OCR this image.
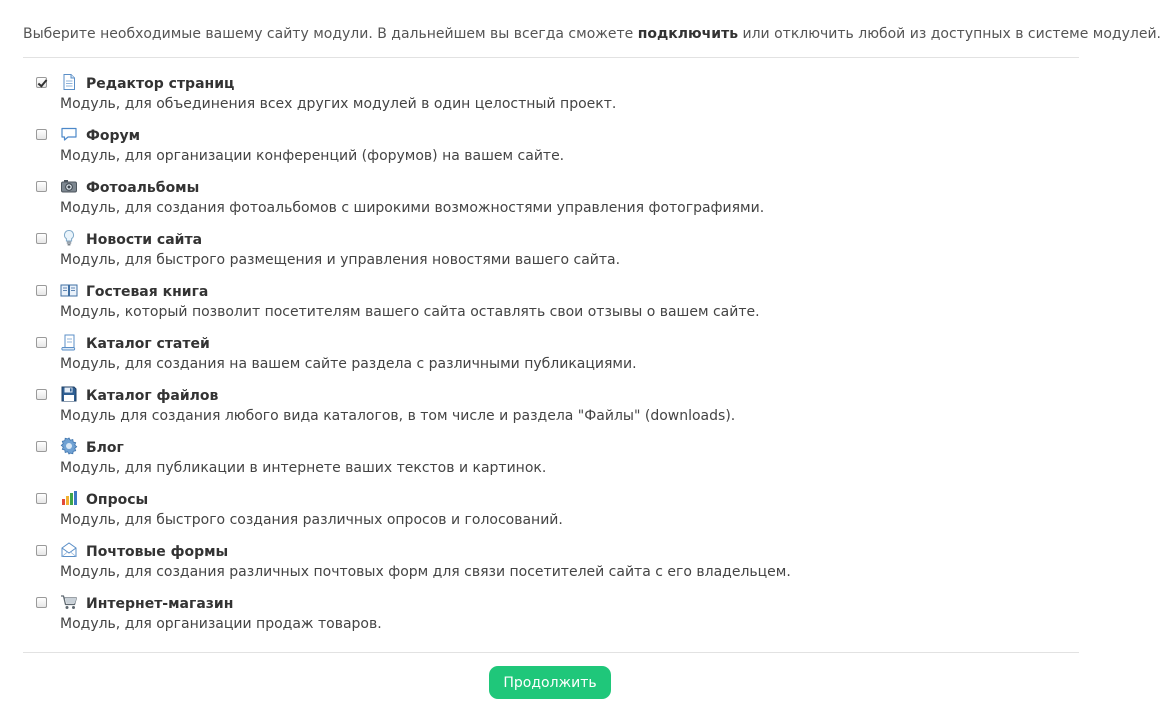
Выберите необходимые вашему сайту модули. В дальнейшем вы всегда сможете подключить или отключить любой из доступных в системе модулей.
Редактор страниц
Модуль, для объединения всех других модулей в один целостный проект.
Форум
Модуль, для организации конференций (форумов) на вашем сайте.
Фотоальбомы
Модуль, для создания фотоальбомов с широкими возможностями управления фотографиями.
Новости сайта
Модуль, для быстрого размещения и управления новостями вашего сайта.
Гостевая книга
Модуль, который позволит посетителям вашего сайта оставлять свои отзывы о вашем сайте.
Каталог статей
Модуль, для создания на вашем сайте раздела с различными публикациями.
Каталог файлов
Модуль для создания любого вида каталогов, в том числе и раздела "Файлы" (downloads).
Блог
Модуль, для публикации в интернете ваших текстов и картинок.
Опросы
Модуль, для быстрого создания различных опросов и голосований.
Почтовые формы
Модуль, для создания различных почтовых форм для связи посетителей сайта с его владельцем.
Интернет-магазин
Модуль, для организации продаж товаров.
Продолжить
